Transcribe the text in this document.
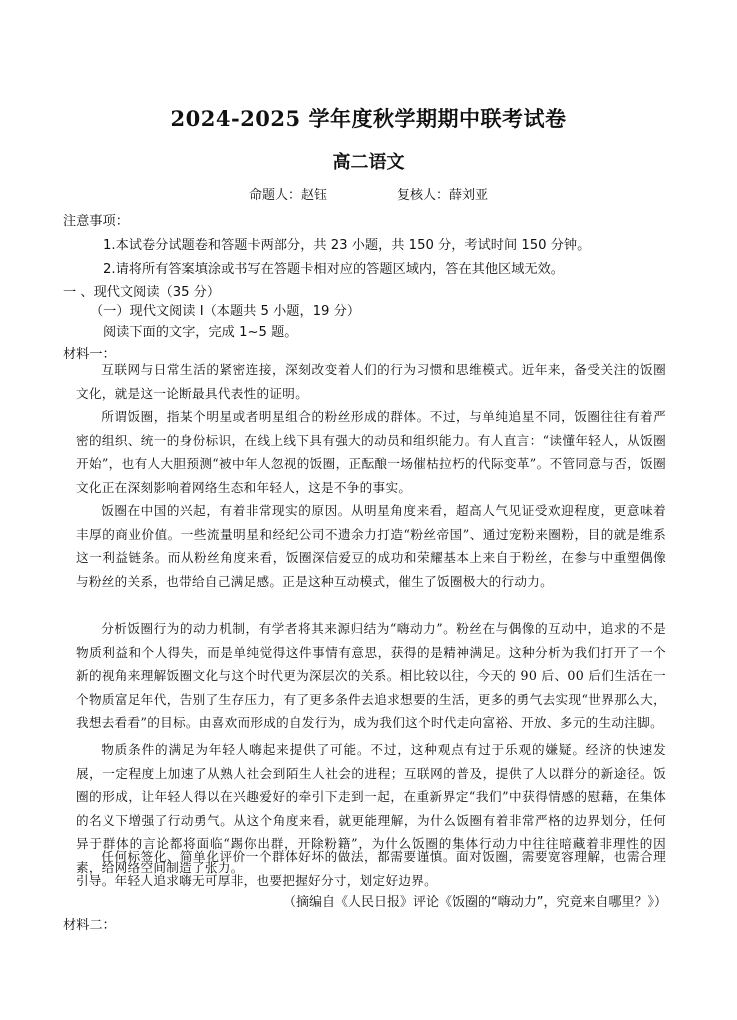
2024-2025 学年度秋学期期中联考试卷
高二语文
命题人：赵钰	复核人：薛刘亚
注意事项：
1.本试卷分试题卷和答题卡两部分，共 23 小题，共 150 分，考试时间 150 分钟。
2.请将所有答案填涂或书写在答题卡相对应的答题区域内，答在其他区域无效。
一 、现代文阅读（35 分）
（一）现代文阅读 I（本题共 5 小题，19 分）
阅读下面的文字，完成 1~5 题。
材料一：
互联网与日常生活的紧密连接，深刻改变着人们的行为习惯和思维模式。近年来，备受关注的饭圈文化，就是这一论断最具代表性的证明。
所谓饭圈，指某个明星或者明星组合的粉丝形成的群体。不过，与单纯追星不同，饭圈往往有着严密的组织、统一的身份标识，在线上线下具有强大的动员和组织能力。有人直言：“读懂年轻人，从饭圈开始”，也有人大胆预测“被中年人忽视的饭圈，正酝酿一场催枯拉朽的代际变革”。不管同意与否，饭圈文化正在深刻影响着网络生态和年轻人，这是不争的事实。
饭圈在中国的兴起，有着非常现实的原因。从明星角度来看，超高人气见证受欢迎程度，更意味着丰厚的商业价值。一些流量明星和经纪公司不遗余力打造“粉丝帝国”、通过宠粉来圈粉，目的就是维系这一利益链条。而从粉丝角度来看，饭圈深信爱豆的成功和荣耀基本上来自于粉丝，在参与中重塑偶像与粉丝的关系，也带给自己满足感。正是这种互动模式，催生了饭圈极大的行动力。
分析饭圈行为的动力机制，有学者将其来源归结为“嗨动力”。粉丝在与偶像的互动中，追求的不是物质利益和个人得失，而是单纯觉得这件事情有意思，获得的是精神满足。这种分析为我们打开了一个新的视角来理解饭圈文化与这个时代更为深层次的关系。相比较以往，今天的 90 后、00 后们生活在一个物质富足年代，告别了生存压力，有了更多条件去追求想要的生活，更多的勇气去实现“世界那么大，我想去看看”的目标。由喜欢而形成的自发行为，成为我们这个时代走向富裕、开放、多元的生动注脚。
物质条件的满足为年轻人嗨起来提供了可能。不过，这种观点有过于乐观的嫌疑。经济的快速发展，一定程度上加速了从熟人社会到陌生人社会的进程；互联网的普及，提供了人以群分的新途径。饭圈的形成，让年轻人得以在兴趣爱好的牵引下走到一起，在重新界定“我们”中获得情感的慰藉，在集体的名义下增强了行动勇气。从这个角度来看，就更能理解，为什么饭圈有着非常严格的边界划分，任何异于群体的言论都将面临“踢你出群，开除粉籍”，为什么饭圈的集体行动力中往往暗藏着非理性的因素，给网络空间制造了张力。
任何标签化、简单化评价一个群体好坏的做法，都需要谨慎。面对饭圈，需要宽容理解，也需合理引导。年轻人追求嗨无可厚非，也要把握好分寸，划定好边界。
（摘编自《人民日报》评论《饭圈的“嗨动力”，究竟来自哪里？》）
材料二：
